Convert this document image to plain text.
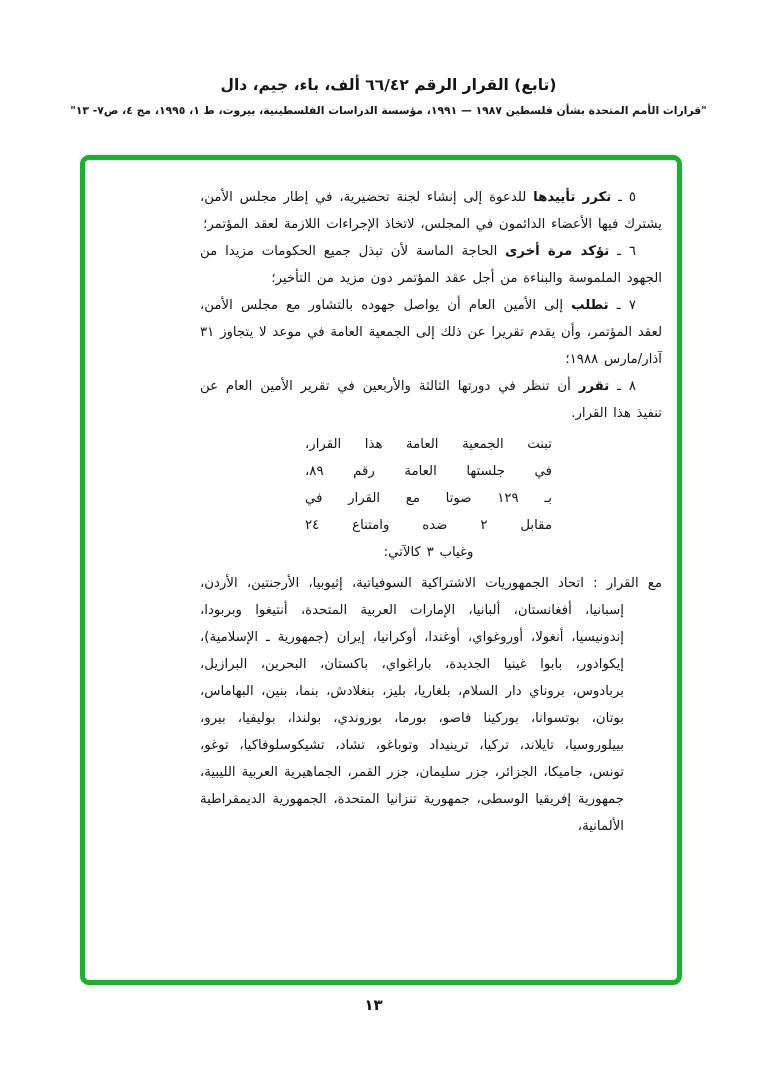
(تابع) القرار الرقم ٦٦/٤٢ ألف، باء، جيم، دال
"قرارات الأمم المتحدة بشأن فلسطين ١٩٨٧ — ١٩٩١، مؤسسة الدراسات الفلسطينية، بيروت، ط ١، ١٩٩٥، مج ٤، ص٧- ١٣"

٥ ـ تكرر تأييدها للدعوة إلى إنشاء لجنة تحضيرية، في إطار مجلس الأمن، يشترك فيها الأعضاء الدائمون في المجلس، لاتخاذ الإجراءات اللازمة لعقد المؤتمر؛

٦ ـ تؤكد مرة أخرى الحاجة الماسة لأن تبذل جميع الحكومات مزيدا من الجهود الملموسة والبناءة من أجل عقد المؤتمر دون مزيد من التأخير؛

٧ ـ تطلب إلى الأمين العام أن يواصل جهوده بالتشاور مع مجلس الأمن، لعقد المؤتمر، وأن يقدم تقريرا عن ذلك إلى الجمعية العامة في موعد لا يتجاوز ٣١ آذار/مارس ١٩٨٨؛

٨ ـ تقرر أن تنظر في دورتها الثالثة والأربعين في تقرير الأمين العام عن تنفيذ هذا القرار.

تبنت الجمعية العامة هذا القرار،
في جلستها العامة رقم ٨٩،
بـ ١٢٩ صوتا مع القرار في
مقابل ٢ ضده وامتناع ٢٤
وغياب ٣ كالآتي:

مع القرار : اتحاد الجمهوريات الاشتراكية السوفياتية، إثيوبيا، الأرجنتين، الأردن، إسبانيا، أفغانستان، ألبانيا، الإمارات العربية المتحدة، أنتيغوا وبربودا، إندونيسيا، أنغولا، أوروغواي، أوغندا، أوكرانيا، إيران (جمهورية ـ الإسلامية)، إيكوادور، بابوا غينيا الجديدة، باراغواي، باكستان، البحرين، البرازيل، بربادوس، بروناي دار السلام، بلغاريا، بليز، بنغلادش، بنما، بنين، البهاماس، بوتان، بوتسوانا، بوركينا فاصو، بورما، بوروندي، بولندا، بوليفيا، بيرو، بييلوروسيا، تايلاند، تركيا، ترينيداد وتوباغو، تشاد، تشيكوسلوفاكيا، توغو، تونس، جاميكا، الجزائر، جزر سليمان، جزر القمر، الجماهيرية العربية الليبية، جمهورية إفريقيا الوسطى، جمهورية تنزانيا المتحدة، الجمهورية الديمقراطية الألمانية،

١٣
